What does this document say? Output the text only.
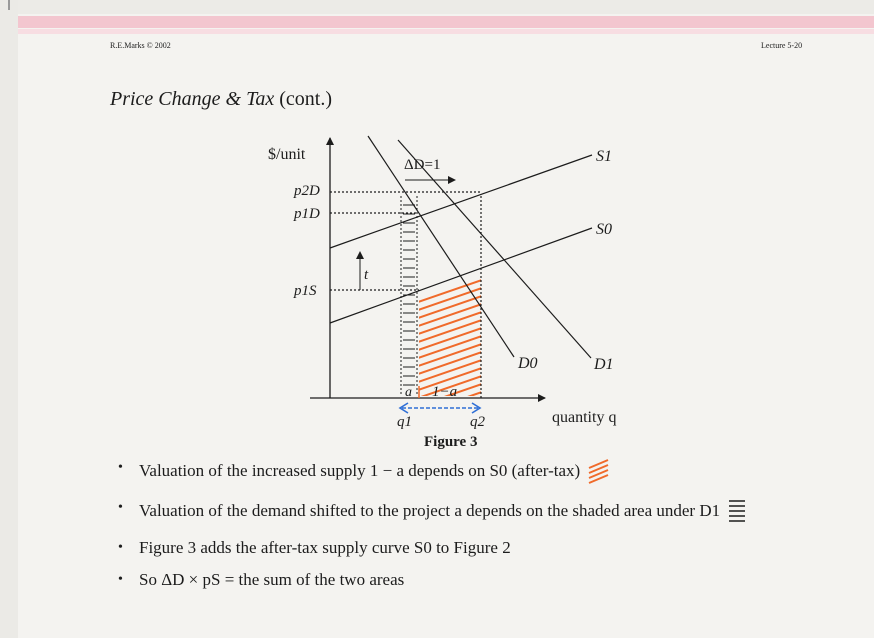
R.E.Marks © 2002	Lecture 5-20
Price Change & Tax (cont.)
$/unit
p2D
p1D
p1S
S1
S0
D0	D1
ΔD=1
t
a 1−a
q1	q2	quantity q
Figure 3
• Valuation of the increased supply 1 − a depends on S0 (after-tax)
• Valuation of the demand shifted to the project a depends on the shaded area under D1
• Figure 3 adds the after-tax supply curve S0 to Figure 2
• So ΔD × pS = the sum of the two areas
